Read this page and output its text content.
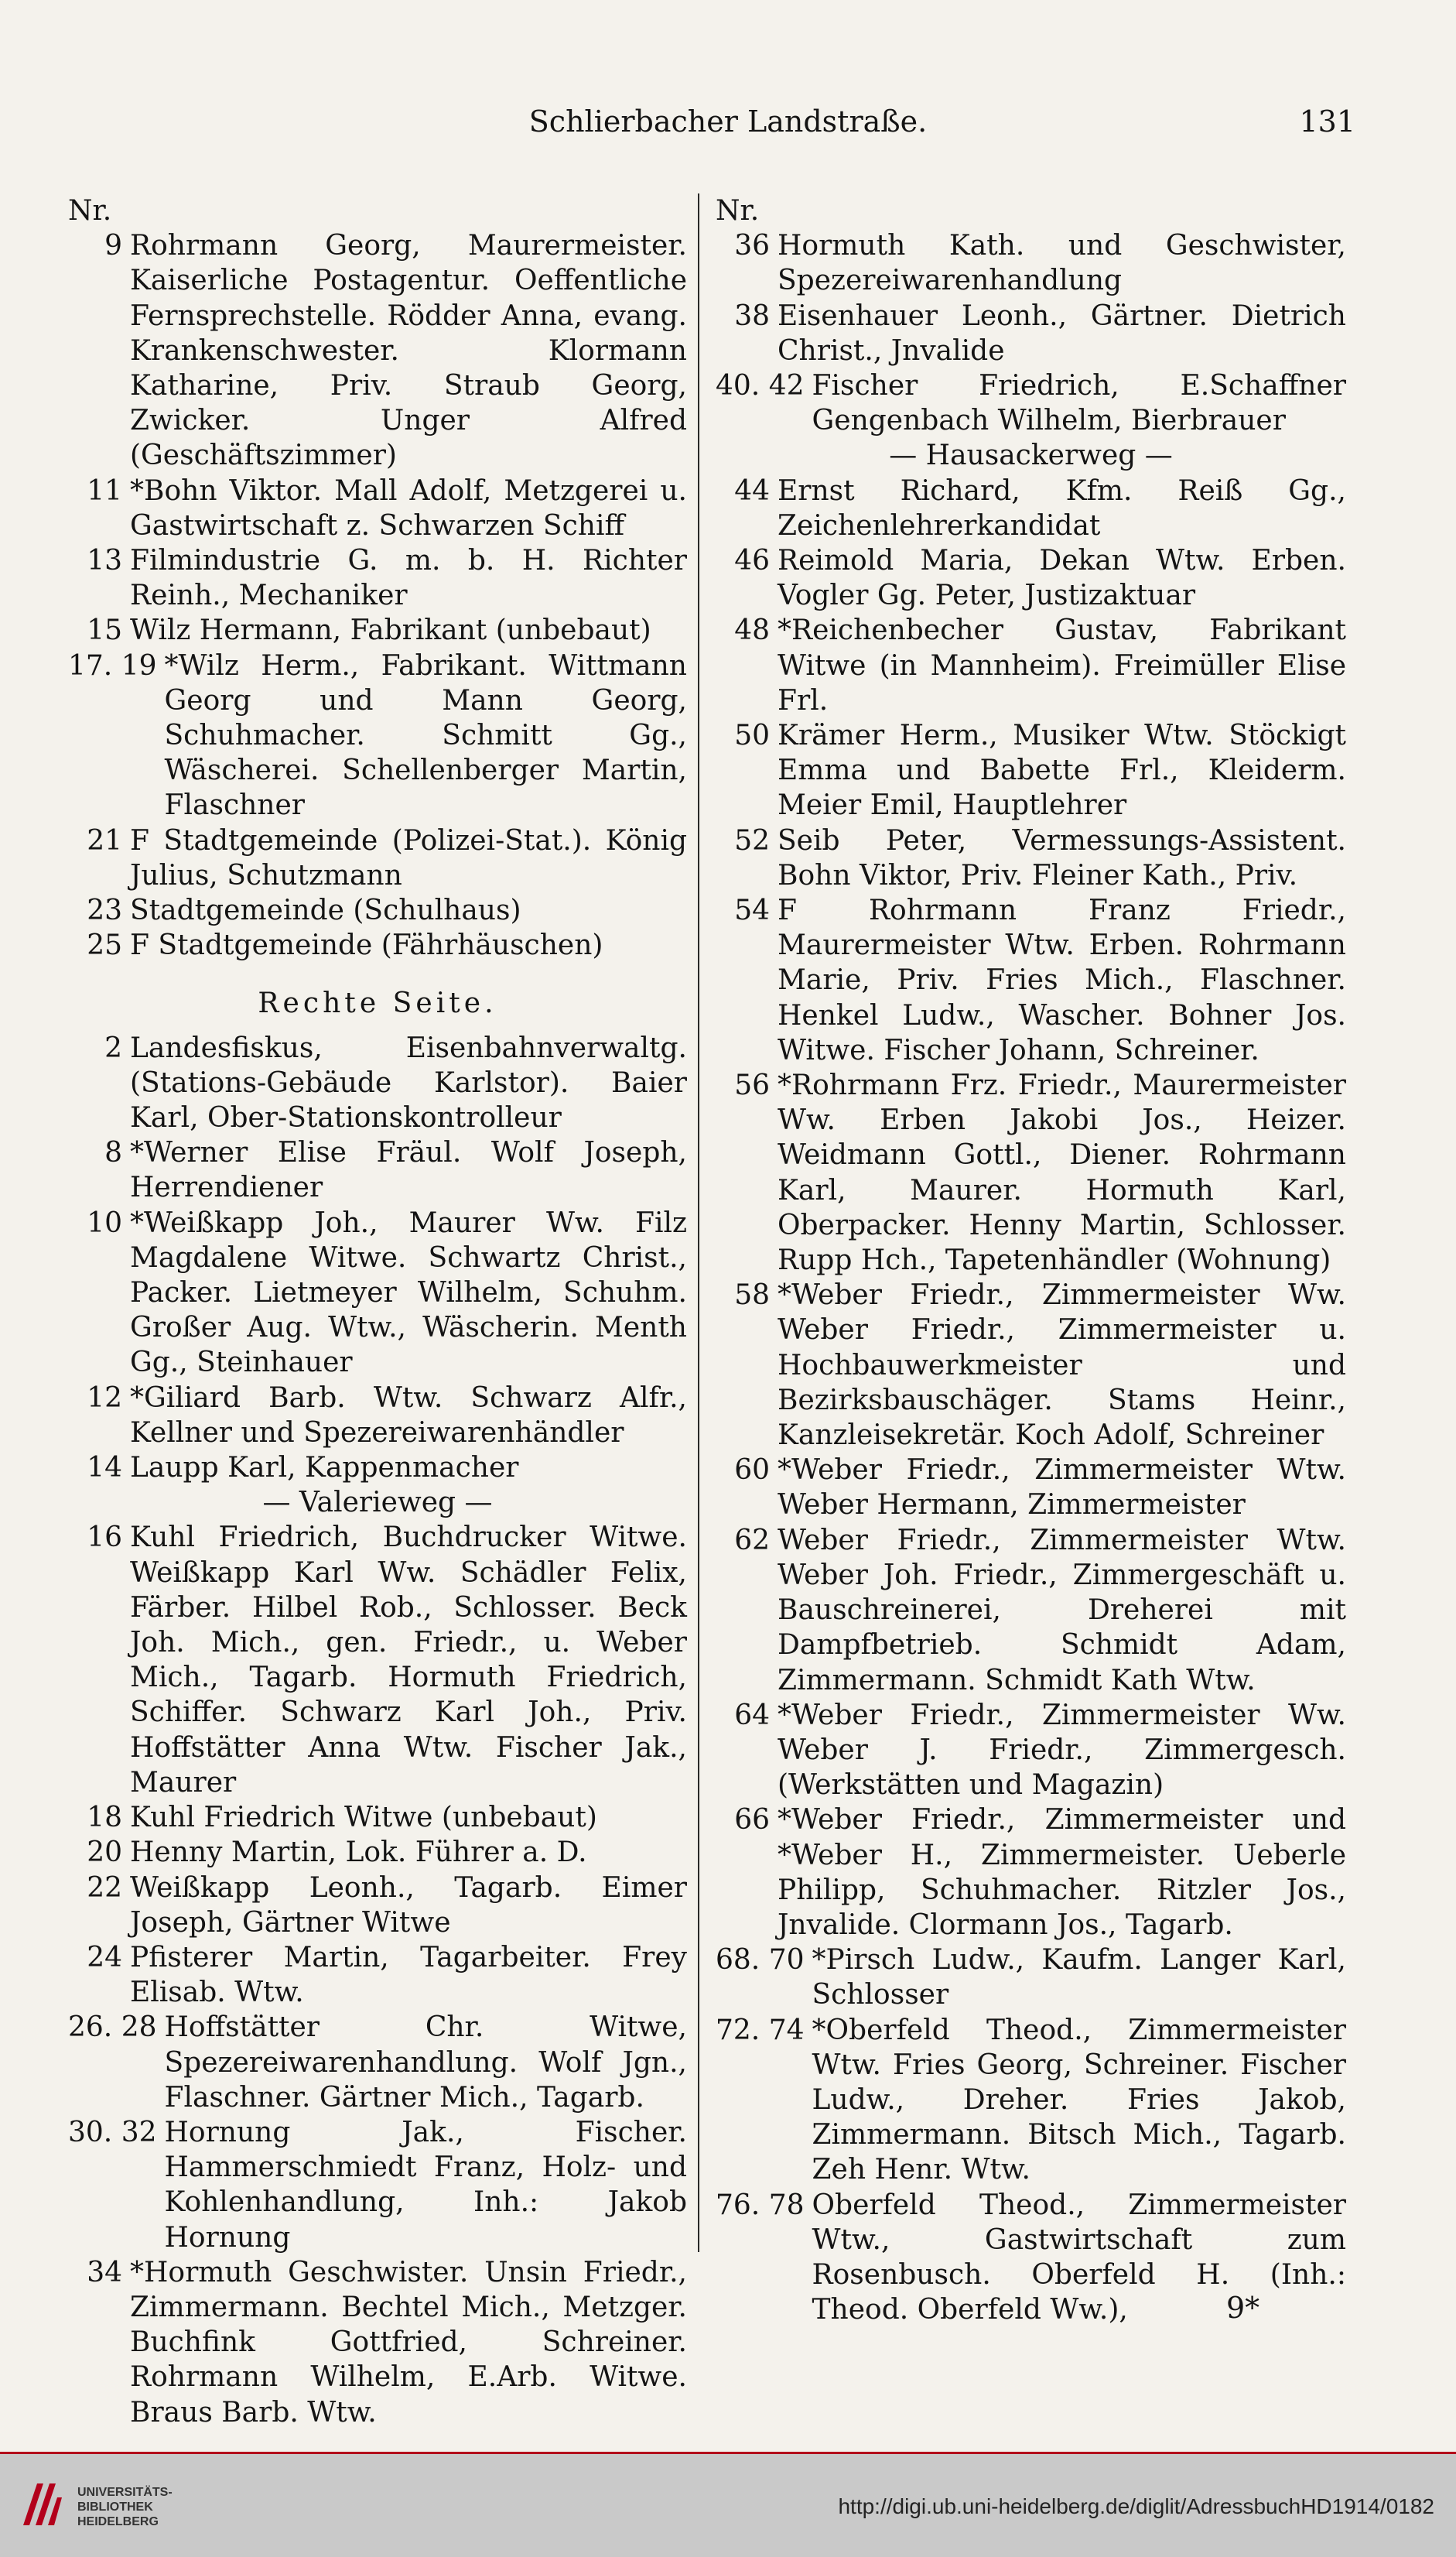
Schlierbacher Landstraße.	131
Nr.
9 Rohrmann Georg, Maurermeister. Kaiserliche Postagentur. Oeffentliche Fernsprechstelle. Rödder Anna, evang. Krankenschwester. Klormann Katharine, Priv. Straub Georg, Zwicker. Unger Alfred (Geschäftszimmer)
11 *Bohn Viktor. Mall Adolf, Metzgerei u. Gastwirtschaft z. Schwarzen Schiff
13 Filmindustrie G. m. b. H. Richter Reinh., Mechaniker
15 Wilz Hermann, Fabrikant (unbebaut)
17. 19 *Wilz Herm., Fabrikant. Wittmann Georg und Mann Georg, Schuhmacher. Schmitt Gg., Wäscherei. Schellenberger Martin, Flaschner
21 F Stadtgemeinde (Polizei-Stat.). König Julius, Schutzmann
23 Stadtgemeinde (Schulhaus)
25 F Stadtgemeinde (Fährhäuschen)
Rechte Seite.
2 Landesfiskus, Eisenbahnverwaltg. (Stations-Gebäude Karlstor). Baier Karl, Ober-Stationskontrolleur
8 *Werner Elise Fräul. Wolf Joseph, Herrendiener
10 *Weißkapp Joh., Maurer Ww. Filz Magdalene Witwe. Schwartz Christ., Packer. Lietmeyer Wilhelm, Schuhm. Großer Aug. Wtw., Wäscherin. Menth Gg., Steinhauer
12 *Giliard Barb. Wtw. Schwarz Alfr., Kellner und Spezereiwarenhändler
14 Laupp Karl, Kappenmacher
— Valerieweg —
16 Kuhl Friedrich, Buchdrucker Witwe. Weißkapp Karl Ww. Schädler Felix, Färber. Hilbel Rob., Schlosser. Beck Joh. Mich., gen. Friedr., u. Weber Mich., Tagarb. Hormuth Friedrich, Schiffer. Schwarz Karl Joh., Priv. Hoffstätter Anna Wtw. Fischer Jak., Maurer
18 Kuhl Friedrich Witwe (unbebaut)
20 Henny Martin, Lok. Führer a. D.
22 Weißkapp Leonh., Tagarb. Eimer Joseph, Gärtner Witwe
24 Pfisterer Martin, Tagarbeiter. Frey Elisab. Wtw.
26. 28 Hoffstätter Chr. Witwe, Spezereiwarenhandlung. Wolf Jgn., Flaschner. Gärtner Mich., Tagarb.
30. 32 Hornung Jak., Fischer. Hammerschmiedt Franz, Holz- und Kohlenhandlung, Inh.: Jakob Hornung
34 *Hormuth Geschwister. Unsin Friedr., Zimmermann. Bechtel Mich., Metzger. Buchfink Gottfried, Schreiner. Rohrmann Wilhelm, E.Arb. Witwe. Braus Barb. Wtw.
Nr.
36 Hormuth Kath. und Geschwister, Spezereiwarenhandlung
38 Eisenhauer Leonh., Gärtner. Dietrich Christ., Jnvalide
40. 42 Fischer Friedrich, E.Schaffner Gengenbach Wilhelm, Bierbrauer
— Hausackerweg —
44 Ernst Richard, Kfm. Reiß Gg., Zeichenlehrerkandidat
46 Reimold Maria, Dekan Wtw. Erben. Vogler Gg. Peter, Justizaktuar
48 *Reichenbecher Gustav, Fabrikant Witwe (in Mannheim). Freimüller Elise Frl.
50 Krämer Herm., Musiker Wtw. Stöckigt Emma und Babette Frl., Kleiderm. Meier Emil, Hauptlehrer
52 Seib Peter, Vermessungs-Assistent. Bohn Viktor, Priv. Fleiner Kath., Priv.
54 F Rohrmann Franz Friedr., Maurermeister Wtw. Erben. Rohrmann Marie, Priv. Fries Mich., Flaschner. Henkel Ludw., Wascher. Bohner Jos. Witwe. Fischer Johann, Schreiner.
56 *Rohrmann Frz. Friedr., Maurermeister Ww. Erben Jakobi Jos., Heizer. Weidmann Gottl., Diener. Rohrmann Karl, Maurer. Hormuth Karl, Oberpacker. Henny Martin, Schlosser. Rupp Hch., Tapetenhändler (Wohnung)
58 *Weber Friedr., Zimmermeister Ww. Weber Friedr., Zimmermeister u. Hochbauwerkmeister und Bezirksbauschäger. Stams Heinr., Kanzleisekretär. Koch Adolf, Schreiner
60 *Weber Friedr., Zimmermeister Wtw. Weber Hermann, Zimmermeister
62 Weber Friedr., Zimmermeister Wtw. Weber Joh. Friedr., Zimmergeschäft u. Bauschreinerei, Dreherei mit Dampfbetrieb. Schmidt Adam, Zimmermann. Schmidt Kath Wtw.
64 *Weber Friedr., Zimmermeister Ww. Weber J. Friedr., Zimmergesch. (Werkstätten und Magazin)
66 *Weber Friedr., Zimmermeister und *Weber H., Zimmermeister. Ueberle Philipp, Schuhmacher. Ritzler Jos., Jnvalide. Clormann Jos., Tagarb.
68. 70 *Pirsch Ludw., Kaufm. Langer Karl, Schlosser
72. 74 *Oberfeld Theod., Zimmermeister Wtw. Fries Georg, Schreiner. Fischer Ludw., Dreher. Fries Jakob, Zimmermann. Bitsch Mich., Tagarb. Zeh Henr. Wtw.
76. 78 Oberfeld Theod., Zimmermeister Wtw., Gastwirtschaft zum Rosenbusch. Oberfeld H. (Inh.: Theod. Oberfeld Ww.),	9*
UNIVERSITÄTS-
BIBLIOTHEK
HEIDELBERG
http://digi.ub.uni-heidelberg.de/diglit/AdressbuchHD1914/0182
